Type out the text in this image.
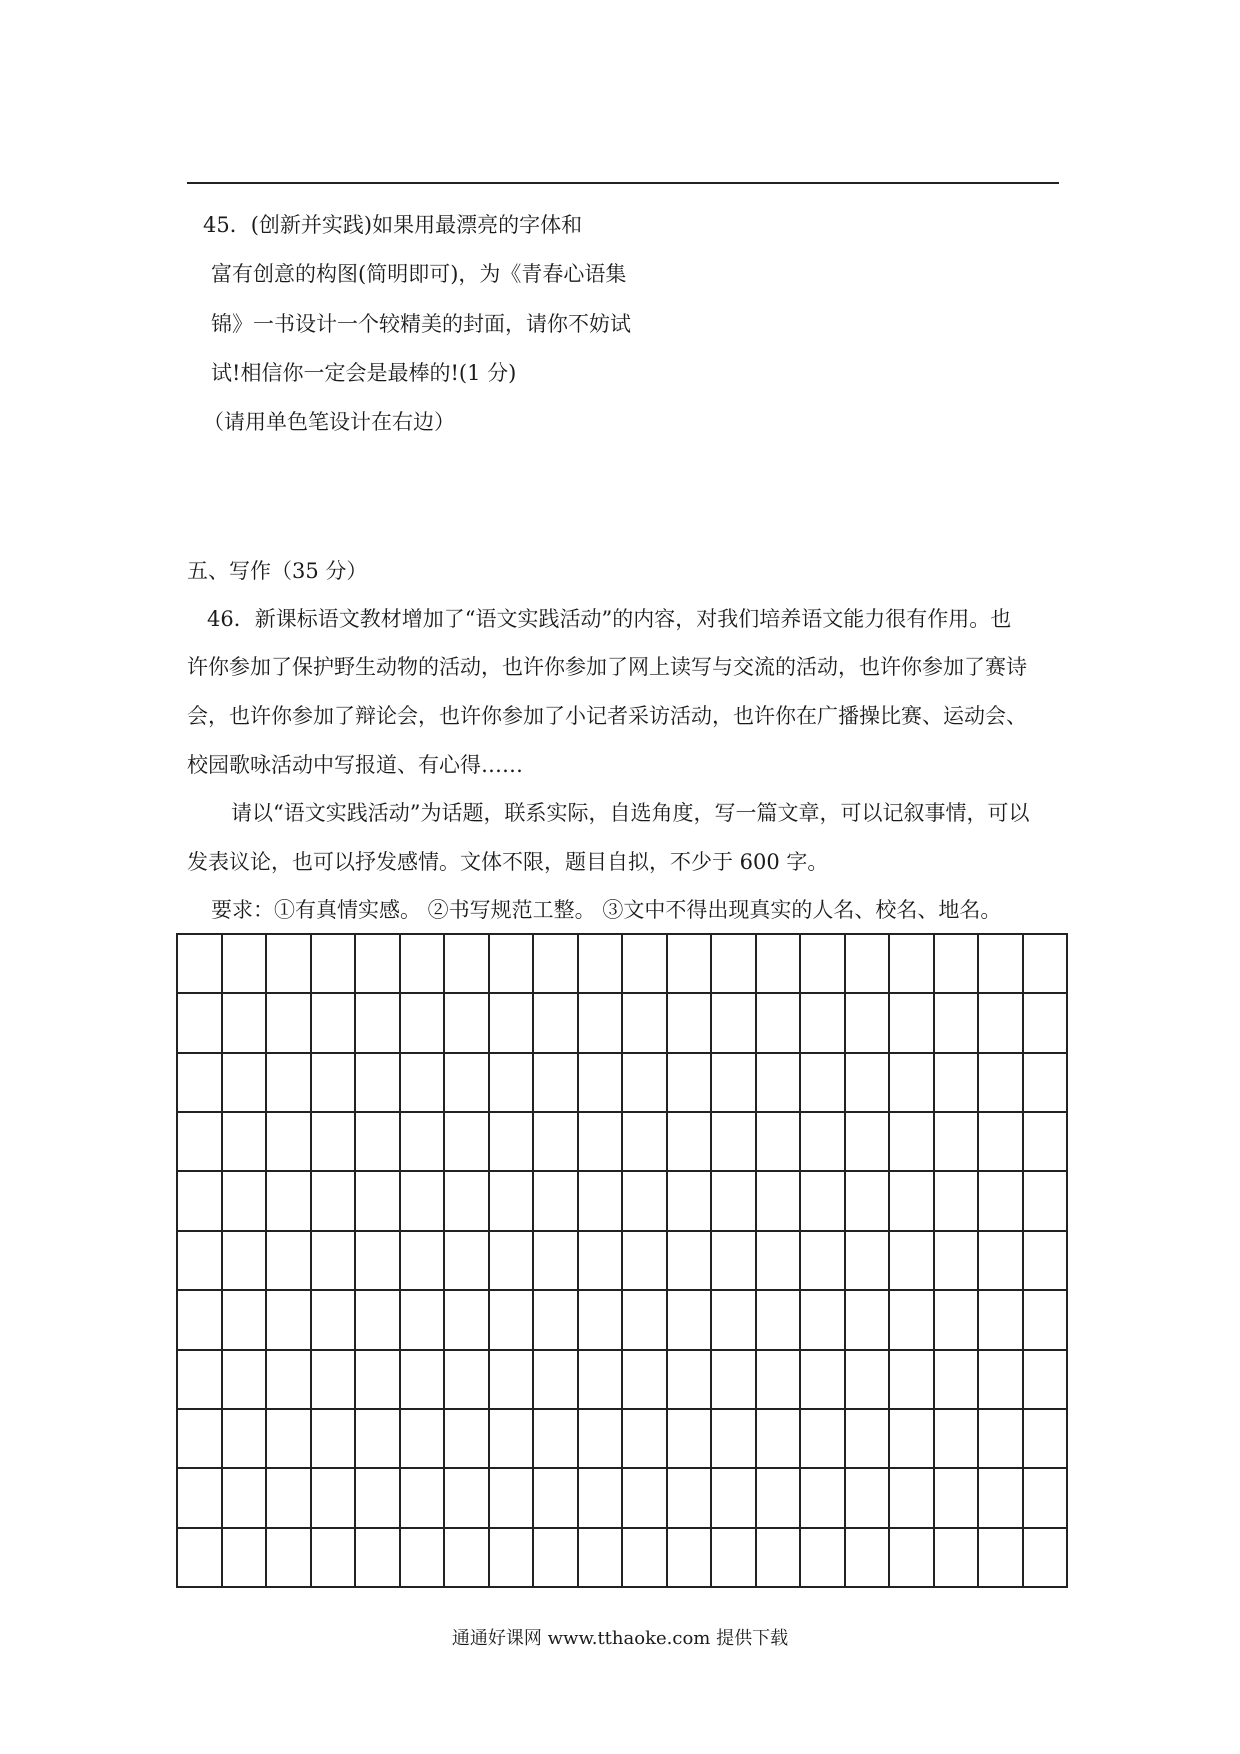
45．(创新并实践)如果用最漂亮的字体和
富有创意的构图(简明即可)，为《青春心语集
锦》一书设计一个较精美的封面，请你不妨试
试!相信你一定会是最棒的!(1 分)
（请用单色笔设计在右边）
五、写作（35 分）
46．新课标语文教材增加了“语文实践活动”的内容，对我们培养语文能力很有作用。也
许你参加了保护野生动物的活动，也许你参加了网上读写与交流的活动，也许你参加了赛诗
会，也许你参加了辩论会，也许你参加了小记者采访活动，也许你在广播操比赛、运动会、
校园歌咏活动中写报道、有心得……
请以“语文实践活动”为话题，联系实际，自选角度，写一篇文章，可以记叙事情，可以
发表议论，也可以抒发感情。文体不限，题目自拟，不少于 600 字。
要求：①有真情实感。 ②书写规范工整。 ③文中不得出现真实的人名、校名、地名。

通通好课网 www.tthaoke.com 提供下载
